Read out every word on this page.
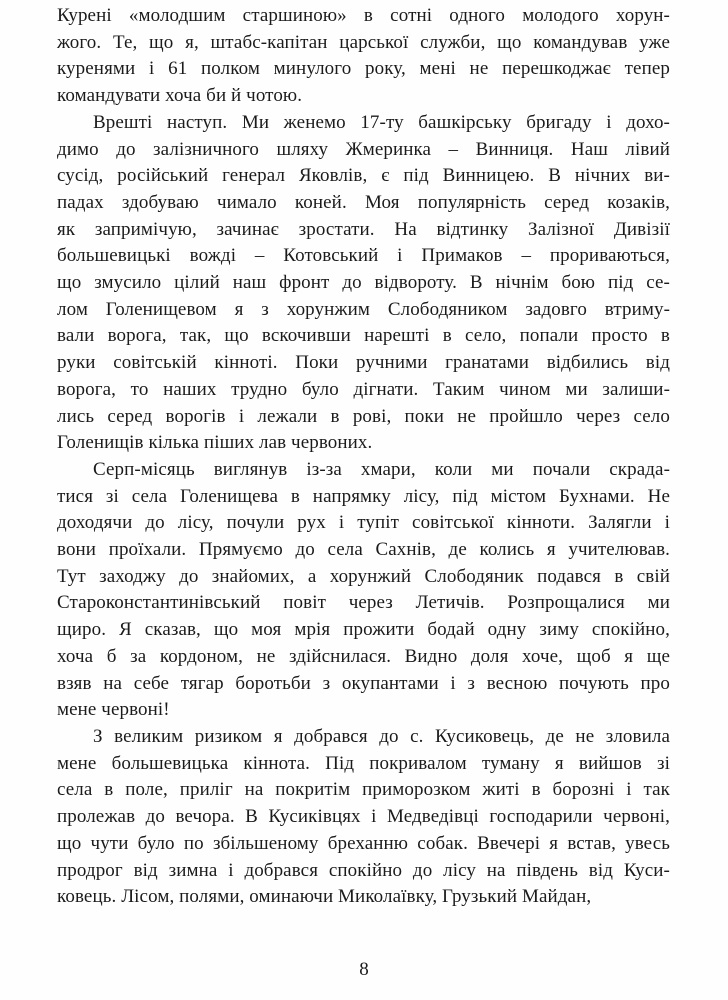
Курені «молодшим старшиною» в сотні одного молодого хорун-
жого. Те, що я, штабс-капітан царської служби, що командував уже
куренями і 61 полком минулого року, мені не перешкоджає тепер
командувати хоча би й чотою.

Врешті наступ. Ми женемо 17-ту башкірську бригаду і дохо-
димо до залізничного шляху Жмеринка – Винниця. Наш лівий
сусід, російський генерал Яковлів, є під Винницею. В нічних ви-
падах здобуваю чимало коней. Моя популярність серед козаків,
як запримічую, зачинає зростати. На відтинку Залізної Дивізії
большевицькі вожді – Котовський і Примаков – прориваються,
що змусило цілий наш фронт до відвороту. В нічнім бою під се-
лом Голенищевом я з хорунжим Слободяником задовго втриму-
вали ворога, так, що вскочивши нарешті в село, попали просто в
руки совітській кінноті. Поки ручними гранатами відбились від
ворога, то наших трудно було дігнати. Таким чином ми залиши-
лись серед ворогів і лежали в рові, поки не пройшло через село
Голенищів кілька піших лав червоних.

Серп-місяць виглянув із-за хмари, коли ми почали скрада-
тися зі села Голенищева в напрямку лісу, під містом Бухнами. Не
доходячи до лісу, почули рух і тупіт совітської кінноти. Залягли і
вони проїхали. Прямуємо до села Сахнів, де колись я учителював.
Тут заходжу до знайомих, а хорунжий Слободяник подався в свій
Староконстантинівський повіт через Летичів. Розпрощалися ми
щиро. Я сказав, що моя мрія прожити бодай одну зиму спокійно,
хоча б за кордоном, не здійснилася. Видно доля хоче, щоб я ще
взяв на себе тягар боротьби з окупантами і з весною почують про
мене червоні!

З великим ризиком я добрався до с. Кусиковець, де не зловила
мене большевицька кіннота. Під покривалом туману я вийшов зі
села в поле, приліг на покритім приморозком житі в борозні і так
пролежав до вечора. В Кусиківцях і Медведівці господарили червоні,
що чути було по збільшеному бреханню собак. Ввечері я встав, увесь
продрог від зимна і добрався спокійно до лісу на південь від Куси-
ковець. Лісом, полями, оминаючи Миколаївку, Грузький Майдан,

8
